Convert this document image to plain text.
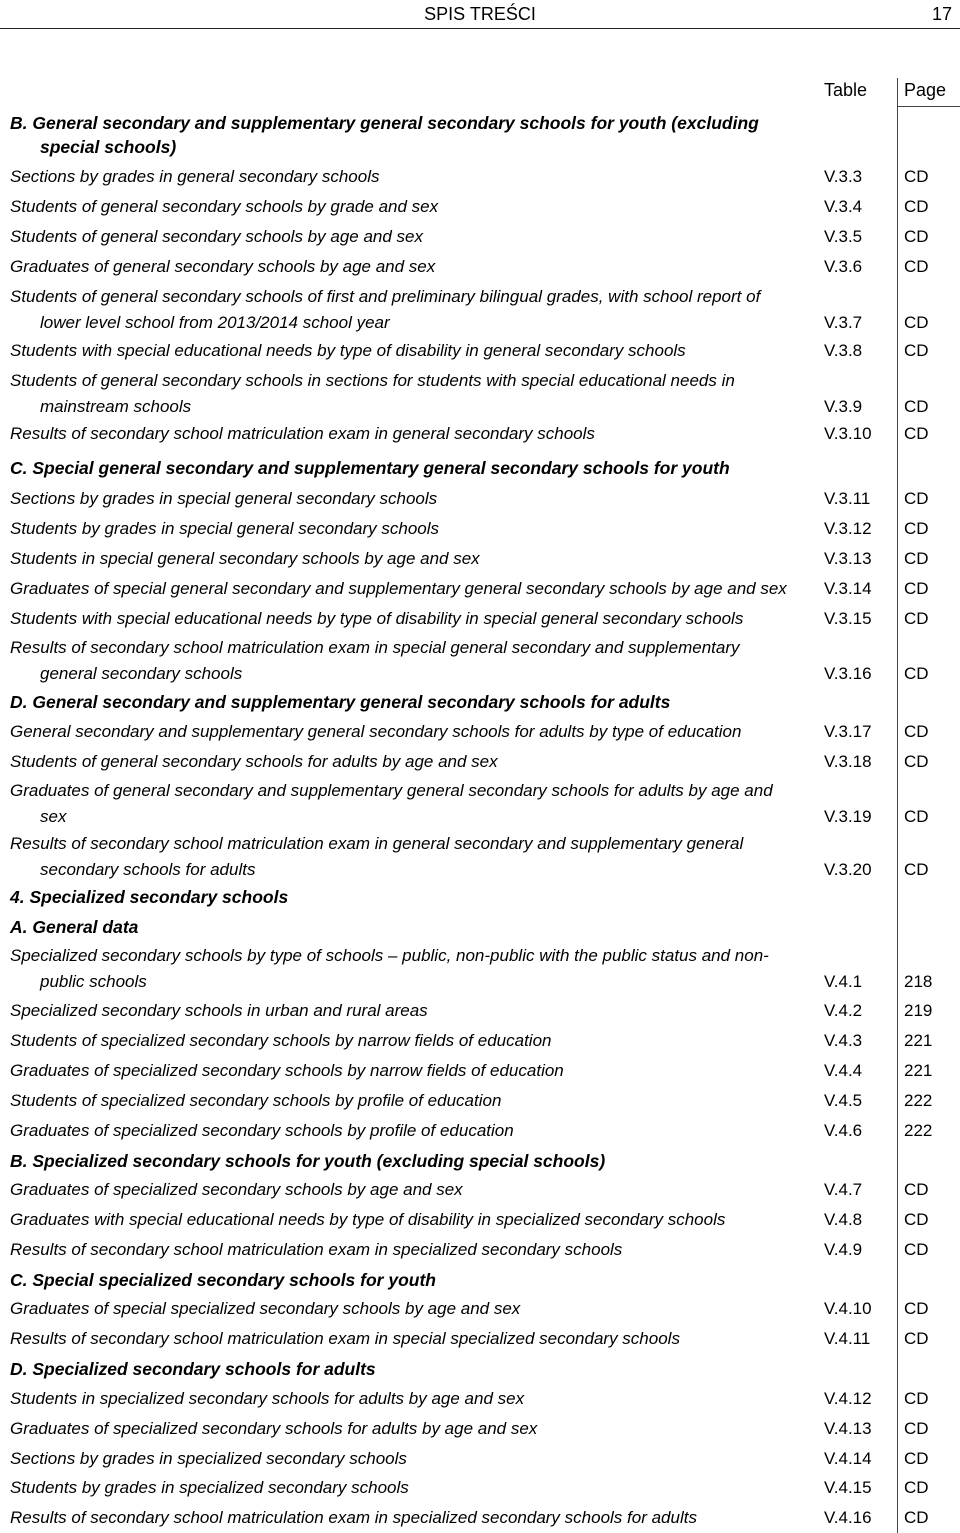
SPIS TREŚCI	17
Table Page
B. General secondary and supplementary general secondary schools for youth (excluding
special schools)
Sections by grades in general secondary schools	V.3.3	CD
Students of general secondary schools by grade and sex	V.3.4	CD
Students of general secondary schools by age and sex	V.3.5	CD
Graduates of general secondary schools by age and sex	V.3.6	CD
Students of general secondary schools of first and preliminary bilingual grades, with school report of
lower level school from 2013/2014 school year	V.3.7	CD
Students with special educational needs by type of disability in general secondary schools	V.3.8	CD
Students of general secondary schools in sections for students with special educational needs in
mainstream schools	V.3.9	CD
Results of secondary school matriculation exam in general secondary schools	V.3.10	CD
C. Special general secondary and supplementary general secondary schools for youth
Sections by grades in special general secondary schools	V.3.11	CD
Students by grades in special general secondary schools	V.3.12	CD
Students in special general secondary schools by age and sex	V.3.13	CD
Graduates of special general secondary and supplementary general secondary schools by age and sex	V.3.14	CD
Students with special educational needs by type of disability in special general secondary schools	V.3.15	CD
Results of secondary school matriculation exam in special general secondary and supplementary
general secondary schools	V.3.16	CD
D. General secondary and supplementary general secondary schools for adults
General secondary and supplementary general secondary schools for adults by type of education	V.3.17	CD
Students of general secondary schools for adults by age and sex	V.3.18	CD
Graduates of general secondary and supplementary general secondary schools for adults by age and
sex	V.3.19	CD
Results of secondary school matriculation exam in general secondary and supplementary general
secondary schools for adults	V.3.20	CD
4. Specialized secondary schools
A. General data
Specialized secondary schools by type of schools – public, non-public with the public status and non-
public schools	V.4.1	218
Specialized secondary schools in urban and rural areas	V.4.2	219
Students of specialized secondary schools by narrow fields of education	V.4.3	221
Graduates of specialized secondary schools by narrow fields of education	V.4.4	221
Students of specialized secondary schools by profile of education	V.4.5	222
Graduates of specialized secondary schools by profile of education	V.4.6	222
B. Specialized secondary schools for youth (excluding special schools)
Graduates of specialized secondary schools by age and sex	V.4.7	CD
Graduates with special educational needs by type of disability in specialized secondary schools	V.4.8	CD
Results of secondary school matriculation exam in specialized secondary schools	V.4.9	CD
C. Special specialized secondary schools for youth
Graduates of special specialized secondary schools by age and sex	V.4.10	CD
Results of secondary school matriculation exam in special specialized secondary schools	V.4.11	CD
D. Specialized secondary schools for adults
Students in specialized secondary schools for adults by age and sex	V.4.12	CD
Graduates of specialized secondary schools for adults by age and sex	V.4.13	CD
Sections by grades in specialized secondary schools	V.4.14	CD
Students by grades in specialized secondary schools	V.4.15	CD
Results of secondary school matriculation exam in specialized secondary schools for adults	V.4.16	CD
